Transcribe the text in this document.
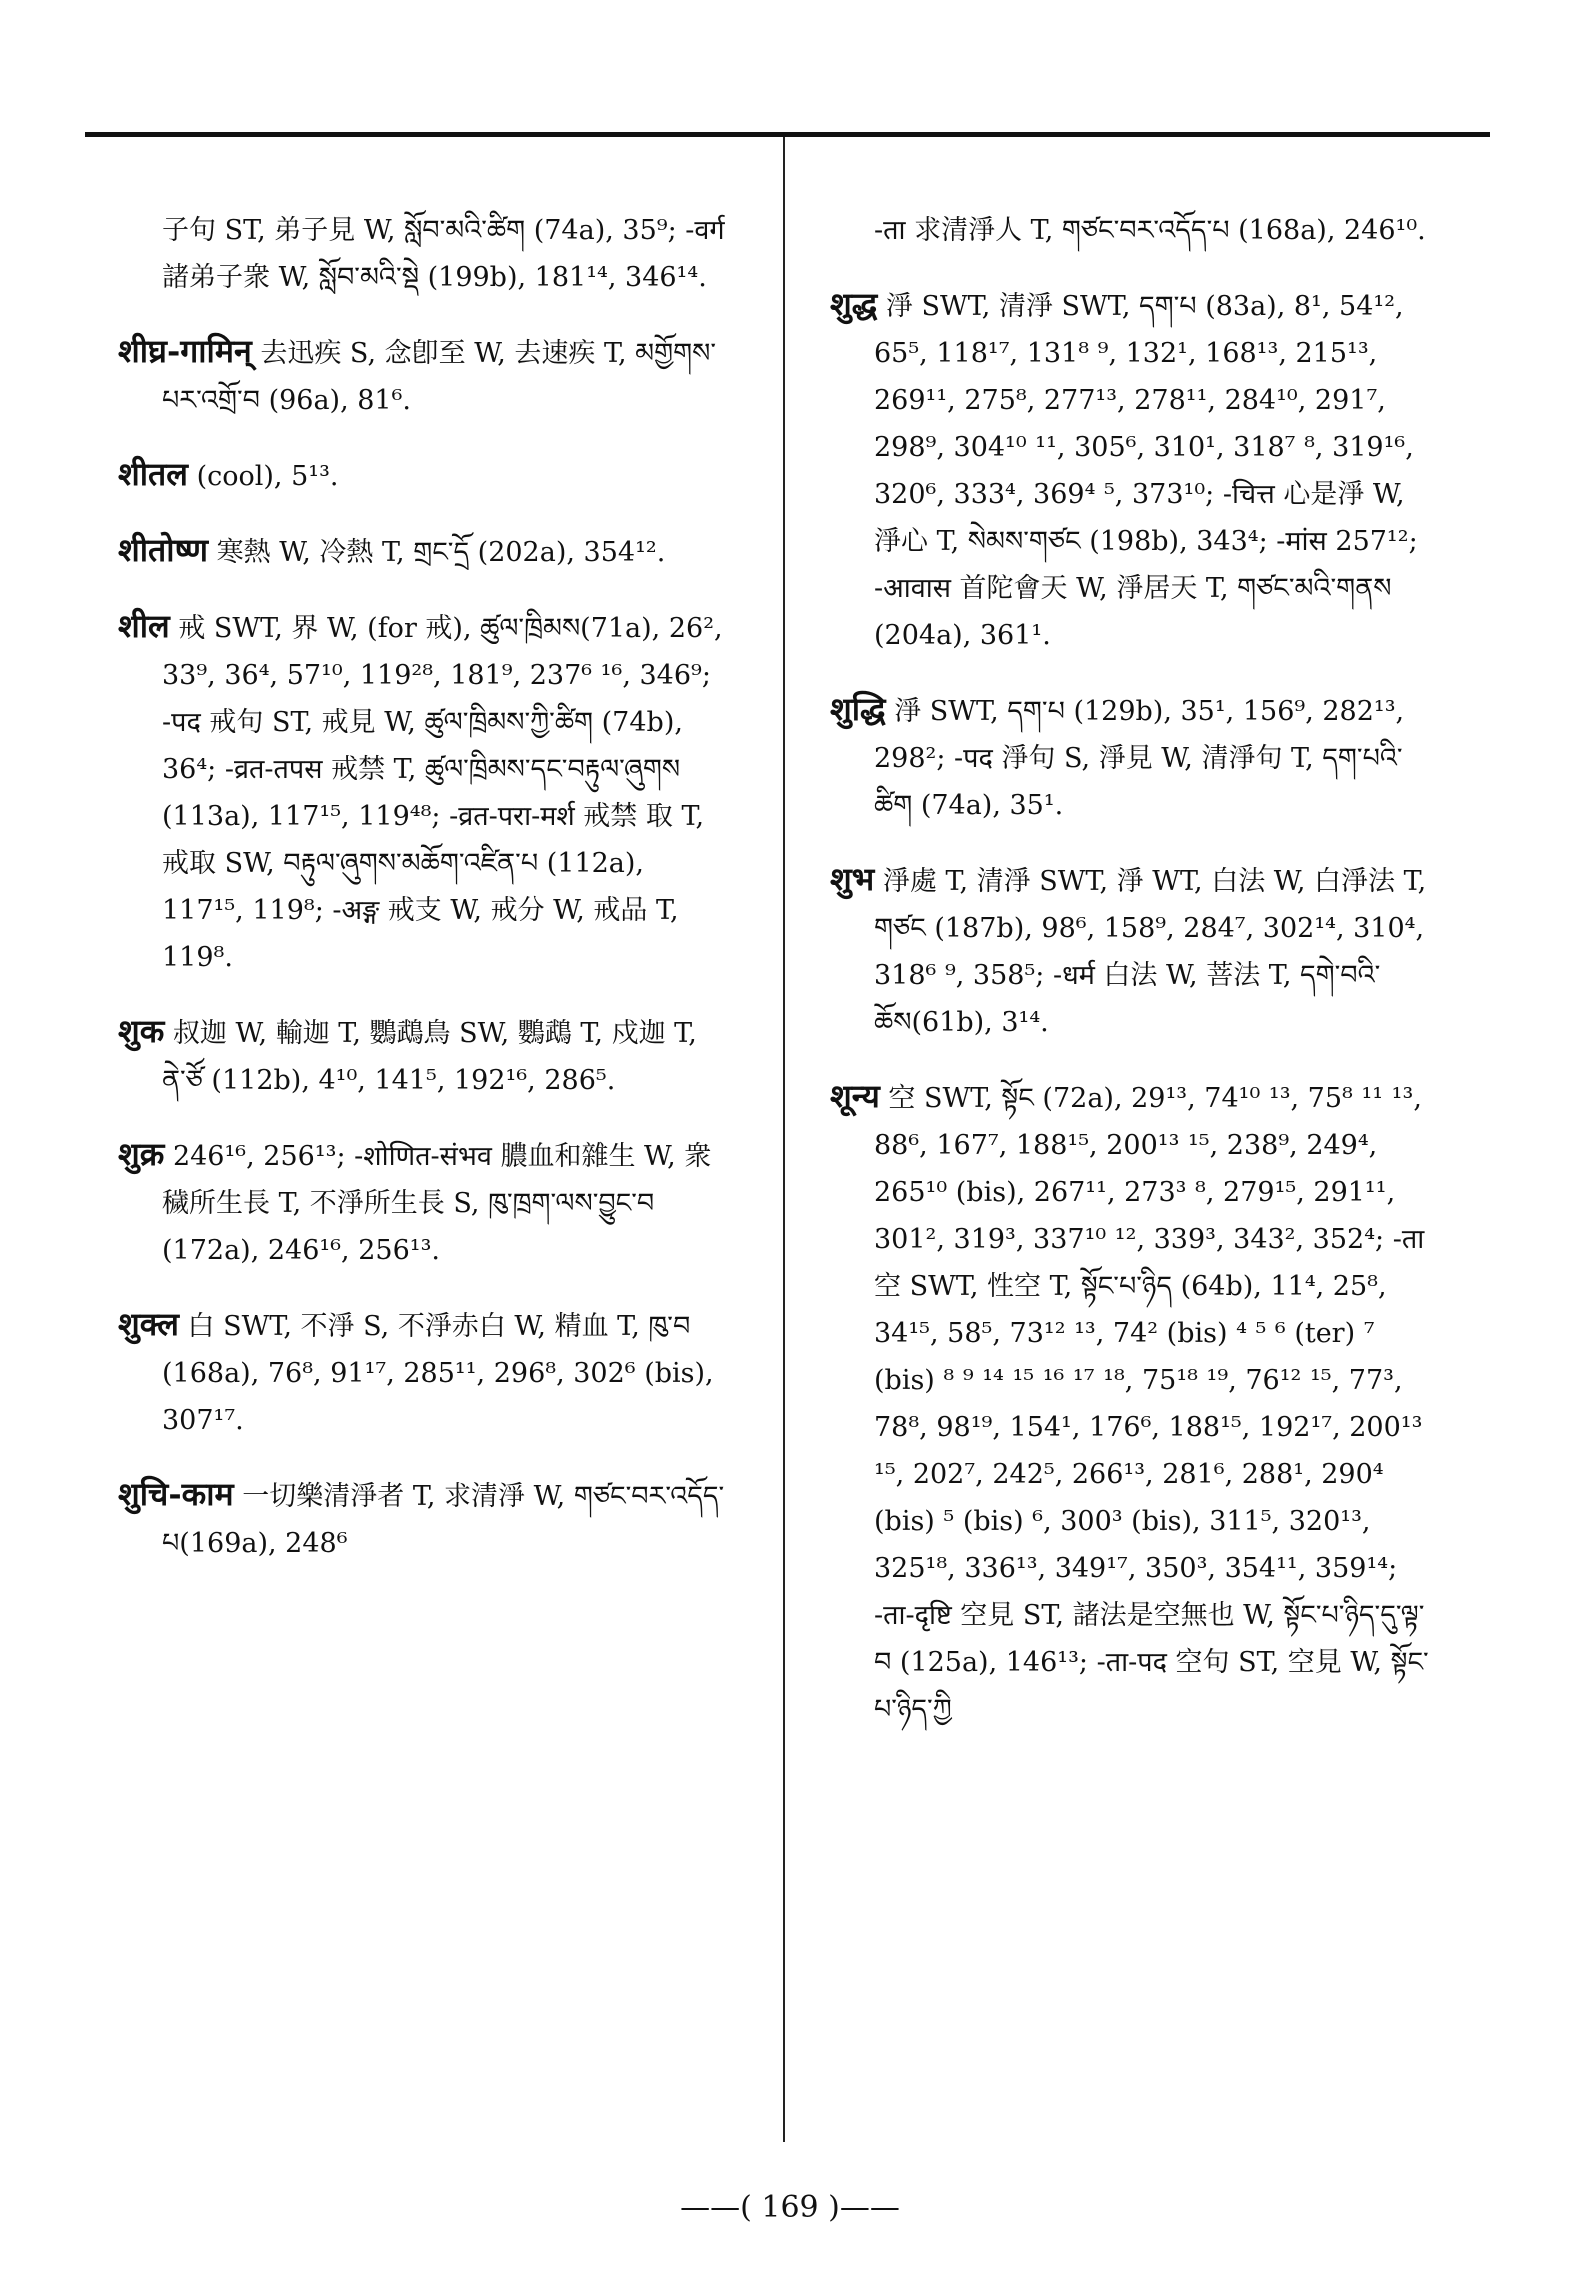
子句 ST, 弟子見 W, སློབ་མའི་ཚིག (74a), 35⁹; -वर्ग 諸弟子衆 W, སློབ་མའི་སྡེ (199b), 181¹⁴, 346¹⁴.

शीघ्र-गामिन् 去迅疾 S, 念卽至 W, 去速疾 T, མགྱོགས་པར་འགྲོ་བ (96a), 81⁶.

शीतल (cool), 5¹³.

शीतोष्ण 寒熱 W, 冷熱 T, གྲང་དྲོ (202a), 354¹².

शील 戒 SWT, 界 W, (for 戒), ཚུལ་ཁྲིམས(71a), 26², 33⁹, 36⁴, 57¹⁰, 119²⁸, 181⁹, 237⁶ ¹⁶, 346⁹; -पद 戒句 ST, 戒見 W, ཚུལ་ཁྲིམས་ཀྱི་ཚིག (74b), 36⁴; -व्रत-तपस 戒禁 T, ཚུལ་ཁྲིམས་དང་བརྟུལ་ཞུགས (113a), 117¹⁵, 119⁴⁸; -व्रत-परा-मर्श 戒禁 取 T, 戒取 SW, བརྟུལ་ཞུགས་མཆོག་འཛིན་པ (112a), 117¹⁵, 119⁸; -अङ्ग 戒支 W, 戒分 W, 戒品 T, 119⁸.

शुक 叔迦 W, 輸迦 T, 鸚鵡鳥 SW, 鸚鵡 T, 戍迦 T, ནེ་ཙོ (112b), 4¹⁰, 141⁵, 192¹⁶, 286⁵.

शुक्र 246¹⁶, 256¹³; -शोणित-संभव 膿血和雜生 W, 衆穢所生長 T, 不淨所生長 S, ཁུ་ཁྲག་ལས་བྱུང་བ (172a), 246¹⁶, 256¹³.

शुक्ल 白 SWT, 不淨 S, 不淨赤白 W, 精血 T, ཁུ་བ (168a), 76⁸, 91¹⁷, 285¹¹, 296⁸, 302⁶ (bis), 307¹⁷.

शुचि-काम 一切樂清淨者 T, 求清淨 W, གཙང་བར་འདོད་པ(169a), 248⁶

-ता 求清淨人 T, གཙང་བར་འདོད་པ (168a), 246¹⁰.

शुद्ध 淨 SWT, 清淨 SWT, དག་པ (83a), 8¹, 54¹², 65⁵, 118¹⁷, 131⁸ ⁹, 132¹, 168¹³, 215¹³, 269¹¹, 275⁸, 277¹³, 278¹¹, 284¹⁰, 291⁷, 298⁹, 304¹⁰ ¹¹, 305⁶, 310¹, 318⁷ ⁸, 319¹⁶, 320⁶, 333⁴, 369⁴ ⁵, 373¹⁰; -चित्त 心是淨 W, 淨心 T, སེམས་གཙང (198b), 343⁴; -मांस 257¹²; -आवास 首陀會天 W, 淨居天 T, གཙང་མའི་གནས (204a), 361¹.

शुद्धि 淨 SWT, དག་པ (129b), 35¹, 156⁹, 282¹³, 298²; -पद 淨句 S, 淨見 W, 清淨句 T, དག་པའི་ཚིག (74a), 35¹.

शुभ 淨處 T, 清淨 SWT, 淨 WT, 白法 W, 白淨法 T, གཙང (187b), 98⁶, 158⁹, 284⁷, 302¹⁴, 310⁴, 318⁶ ⁹, 358⁵; -धर्म 白法 W, 菩法 T, དགེ་བའི་ཆོས(61b), 3¹⁴.

शून्य 空 SWT, སྟོང (72a), 29¹³, 74¹⁰ ¹³, 75⁸ ¹¹ ¹³, 88⁶, 167⁷, 188¹⁵, 200¹³ ¹⁵, 238⁹, 249⁴, 265¹⁰ (bis), 267¹¹, 273³ ⁸, 279¹⁵, 291¹¹, 301², 319³, 337¹⁰ ¹², 339³, 343², 352⁴; -ता 空 SWT, 性空 T, སྟོང་པ་ཉིད (64b), 11⁴, 25⁸, 34¹⁵, 58⁵, 73¹² ¹³, 74² (bis) ⁴ ⁵ ⁶ (ter) ⁷ (bis) ⁸ ⁹ ¹⁴ ¹⁵ ¹⁶ ¹⁷ ¹⁸, 75¹⁸ ¹⁹, 76¹² ¹⁵, 77³, 78⁸, 98¹⁹, 154¹, 176⁶, 188¹⁵, 192¹⁷, 200¹³ ¹⁵, 202⁷, 242⁵, 266¹³, 281⁶, 288¹, 290⁴ (bis) ⁵ (bis) ⁶, 300³ (bis), 311⁵, 320¹³, 325¹⁸, 336¹³, 349¹⁷, 350³, 354¹¹, 359¹⁴; -ता-दृष्टि 空見 ST, 諸法是空無也 W, སྟོང་པ་ཉིད་དུ་ལྟ་བ (125a), 146¹³; -ता-पद 空句 ST, 空見 W, སྟོང་པ་ཉིད་ཀྱི

——( 169 )——
